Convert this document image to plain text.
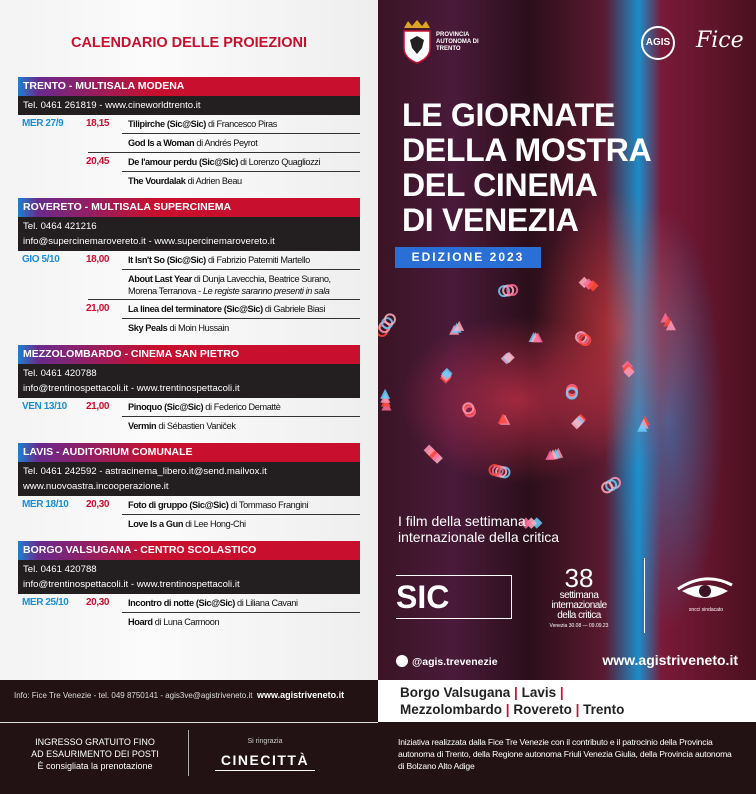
CALENDARIO DELLE PROIEZIONI
TRENTO - MULTISALA MODENA
Tel. 0461 261819 - www.cineworldtrento.it
MER 27/9	18,15	Tilipirche (Sic@Sic) di Francesco Piras
God Is a Woman di Andrés Peyrot
20,45	De l'amour perdu (Sic@Sic) di Lorenzo Quagliozzi
The Vourdalak di Adrien Beau
ROVERETO - MULTISALA SUPERCINEMA
Tel. 0464 421216
info@supercinemarovereto.it - www.supercinemarovereto.it
GIO 5/10	18,00	It Isn't So (Sic@Sic) di Fabrizio Paterniti Martello
About Last Year di Dunja Lavecchia, Beatrice Surano, Morena Terranova - Le registe saranno presenti in sala
21,00	La linea del terminatore (Sic@Sic) di Gabriele Biasi
Sky Peals di Moin Hussain
MEZZOLOMBARDO - CINEMA SAN PIETRO
Tel. 0461 420788
info@trentinospettacoli.it - www.trentinospettacoli.it
VEN 13/10	21,00	Pinoquo (Sic@Sic) di Federico Demattè
Vermin di Sébastien Vaniček
LAVIS - AUDITORIUM COMUNALE
Tel. 0461 242592 - astracinema_libero.it@send.mailvox.it
www.nuovoastra.incooperazione.it
MER 18/10	20,30	Foto di gruppo (Sic@Sic) di Tommaso Frangini
Love Is a Gun di Lee Hong-Chi
BORGO VALSUGANA - CENTRO SCOLASTICO
Tel. 0461 420788
info@trentinospettacoli.it - www.trentinospettacoli.it
MER 25/10	20,30	Incontro di notte (Sic@Sic) di Liliana Cavani
Hoard di Luna Carmoon
Info: Fice Tre Venezie - tel. 049 8750141 - agis3ve@agistriveneto.it www.agistriveneto.it
INGRESSO GRATUITO FINO
AD ESAURIMENTO DEI POSTI
È consigliata la prenotazione
Si ringrazia
CINECITTÀ
PROVINCIA AUTONOMA DI TRENTO
AGIS Fice
LE GIORNATE
DELLA MOSTRA
DEL CINEMA
DI VENEZIA
EDIZIONE 2023
I film della settimana
internazionale della critica
SIC
38
settimana
internazionale
della critica
Venezia 30.08 — 09.09.23
sncci sindacato
@agis.trevenezie	www.agistriveneto.it
Borgo Valsugana | Lavis |
Mezzolombardo | Rovereto | Trento
Iniziativa realizzata dalla Fice Tre Venezie con il contributo e il patrocinio della Provincia autonoma di Trento, della Regione autonoma Friuli Venezia Giulia, della Provincia autonoma di Bolzano Alto Adige
